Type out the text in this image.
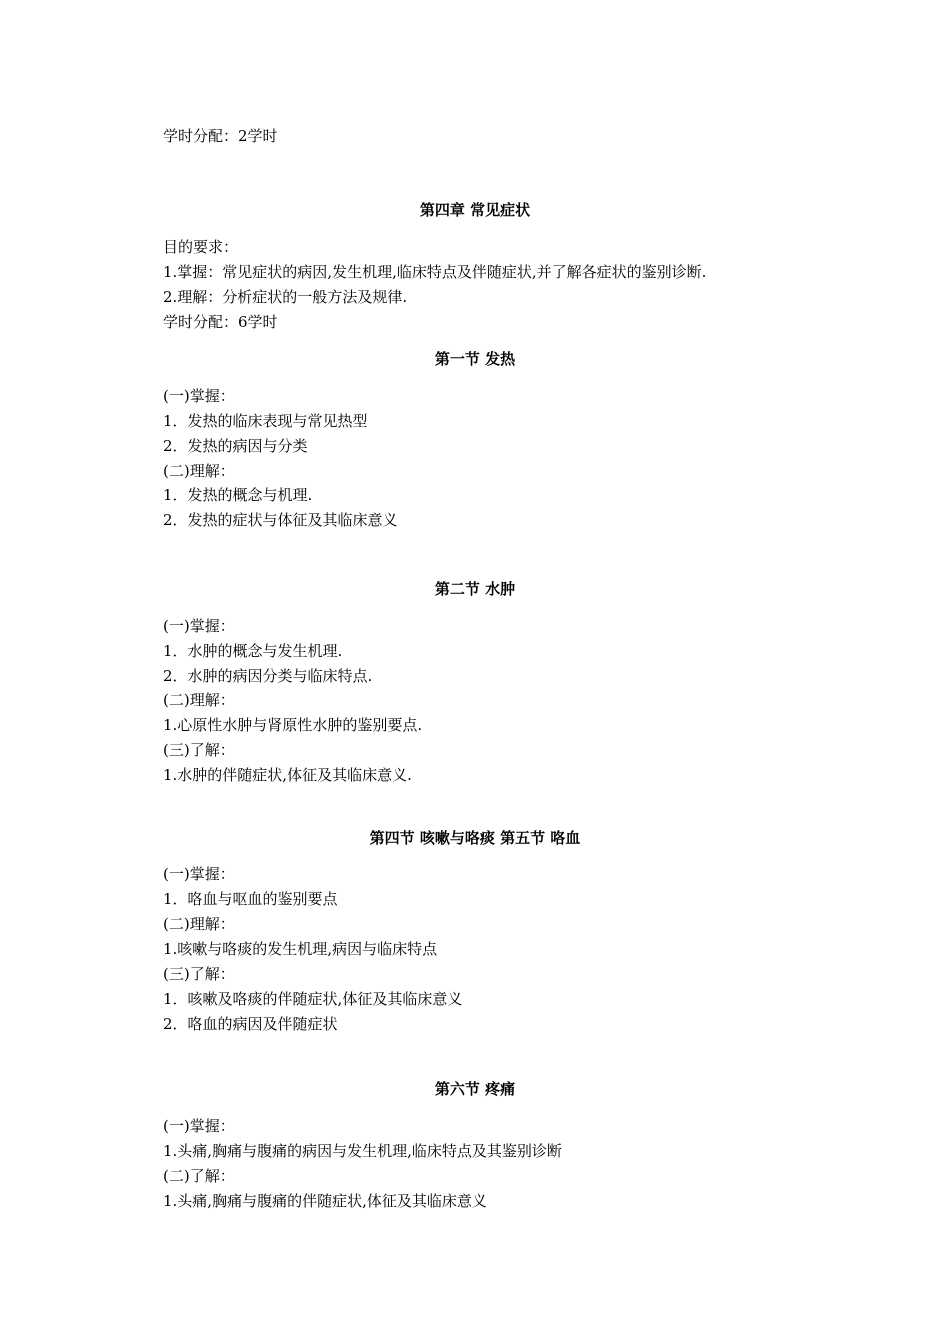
学时分配：2学时
第四章 常见症状
目的要求：
1.掌握：常见症状的病因,发生机理,临床特点及伴随症状,并了解各症状的鉴别诊断.
2.理解：分析症状的一般方法及规律.
学时分配：6学时
第一节 发热
(一)掌握：
1．发热的临床表现与常见热型
2．发热的病因与分类
(二)理解：
1．发热的概念与机理.
2．发热的症状与体征及其临床意义
第二节 水肿
(一)掌握：
1．水肿的概念与发生机理.
2．水肿的病因分类与临床特点.
(二)理解：
1.心原性水肿与肾原性水肿的鉴别要点.
(三)了解：
1.水肿的伴随症状,体征及其临床意义.
第四节 咳嗽与咯痰 第五节 咯血
(一)掌握：
1．咯血与呕血的鉴别要点
(二)理解：
1.咳嗽与咯痰的发生机理,病因与临床特点
(三)了解：
1．咳嗽及咯痰的伴随症状,体征及其临床意义
2．咯血的病因及伴随症状
第六节 疼痛
(一)掌握：
1.头痛,胸痛与腹痛的病因与发生机理,临床特点及其鉴别诊断
(二)了解：
1.头痛,胸痛与腹痛的伴随症状,体征及其临床意义
